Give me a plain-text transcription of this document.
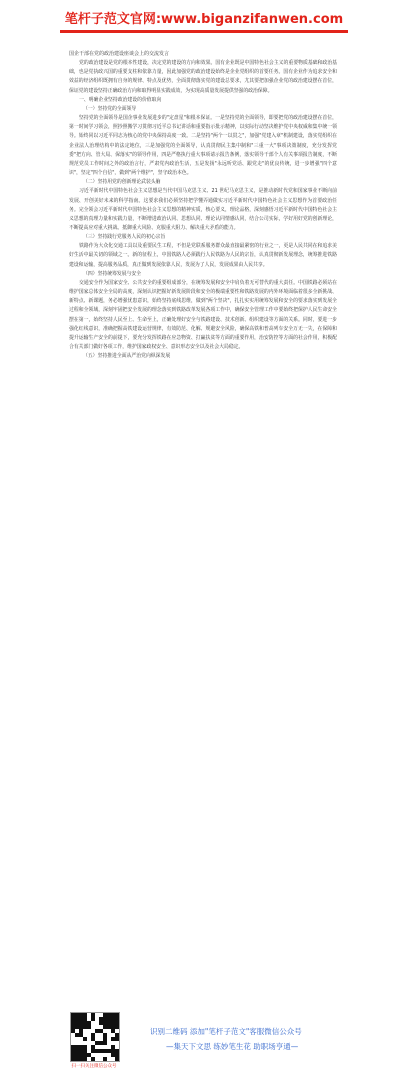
笔杆子范文官网:www.biganzifanwen.com

国企干部在党的政治建设座谈会上的交流发言

党的政治建设是党的根本性建设，决定党的建设的方向和效果。国有企业既是中国特色社会主义的重要物质基础和政治基础，也是党执政兴国的重要支柱和依靠力量，因此加强党的政治建设始终是企业党组织的首要任务。国有企业作为追求安全和效益的经济组织既拥有自身的规律、特点及优势，全面贯彻落实党的建设总要求，尤其要把加强企业党的政治建设摆在首位，保证党的建设坚持正确政治方向和取得明显实践成效，为实现高质量发展提供坚强的政治保障。

一、明确企业坚持政治建设的价值取向

（一）坚持党的全面领导

坚持党的全面领导是国企事业发展进步的"定盘星"和根本保证。一是坚持党的全面领导，即要把党的政治建设摆在首位，第一时间学习领会，照抄照搬学习贯彻习近平总书记讲话和重要指示批示精神，以实际行动坚决维护党中央权威和集中统一领导。始终同以习近平同志为核心的党中央保持高度一致。二是坚持"两个一以贯之"，加强"党建入章"机制建设，落实党组织在企业法人治理结构中的法定地位，三是加强党的全面领导，认真贯彻民主集中制和"三重一大"事项决策制度，充分发挥党委"把方向、管大局、保落实"的领导作用，四是严格执行重大事项请示报告条例，落实领导干部个人有关事项报告制度，不断规范党员工作时间之外的政治言行，严肃党内政治生活，五是发扬"永远听党话、跟党走"的优良传统，进一步增强"四个意识"，坚定"四个自信"，做到"两个维护"，坚守政治本色。

（二）坚持用党的创新理论武装头脑

习近平新时代中国特色社会主义思想是当代中国马克思主义、21 世纪马克思主义，是推动新时代党和国家事业不断向前发展、开创美好未来的科学指南。这要求我们必须坚持把学懂弄通做实习近平新时代中国特色社会主义思想作为首要政治任务。完全领会习近平新时代中国特色社会主义思想的精神实质，核心要义，理论品格，深刻感悟习近平新时代中国特色社会主义思想的真理力量和实践力量，不断增进政治认同、思想认同、理论认同情感认同，结合公司实际，学好用好党的创新理论，不断提高应对重大挑战、抵御重大风险、克服重大阻力、解决重大矛盾的能力。

（三）坚持践行党服务人民的初心宗旨

铁路作为大众化交通工具以及重要民生工程，不但是党联系服务群众最直接最紧密的行业之一，更是人民共同在和追求美好生活中最关切的领域之一。新的征程上，中国铁路人必须践行人民铁路为人民的宗旨，认真贯彻新发展理念，统筹推进铁路建设和运输，提高服务品质，真正做到发展依靠人民，发展为了人民，发展成果由人民共享。

（四）坚持统筹发展与安全

交通安全作为国家安全、公共安全的重要组成部分，在统筹发展和安全中肩负着无可替代的重大责任。中国铁路必须站在维护国家总体安全全局的高度，深刻认识把握好新发展阶段和安全的极端重要性和铁路发展的内外环境面临着很多全新挑战、新特点、新课题，务必增强忧患意识，始终坚持底线思维，做到"两个坚决"，扎扎实实用统筹发展和安全的要求落实到发展全过程和全领域，深刻牢固把安全发展的理念落实到铁路改革发展各项工作中，确保安全管理工作中要始终把保护人民生命安全摆在第一，始终坚持人民至上、生命至上，正确处理好安全与铁路建设、技术创新、组织建设等方面的关系。同时，要进一步强化红线意识，准确把握高铁建设运营规律，有效防范、化解、规避安全风险，确保高铁和普高列车安全万无一失，在保障和提升运输生产安全的前提下，要充分发挥铁路在应急物资、打赢扶贫等方面的重要作用，治安防控等方面的社会作用，积极配合有关部门做好各项工作，维护国家政权安全、意识形态安全以及社会大局稳定。

（五）坚持推进全面从严治党向纵深发展

扫一扫关注微信公众号
识别二维码 添加"笔杆子范文"客服微信公众号
—集天下文思 练妙笔生花 助职场亨通—
